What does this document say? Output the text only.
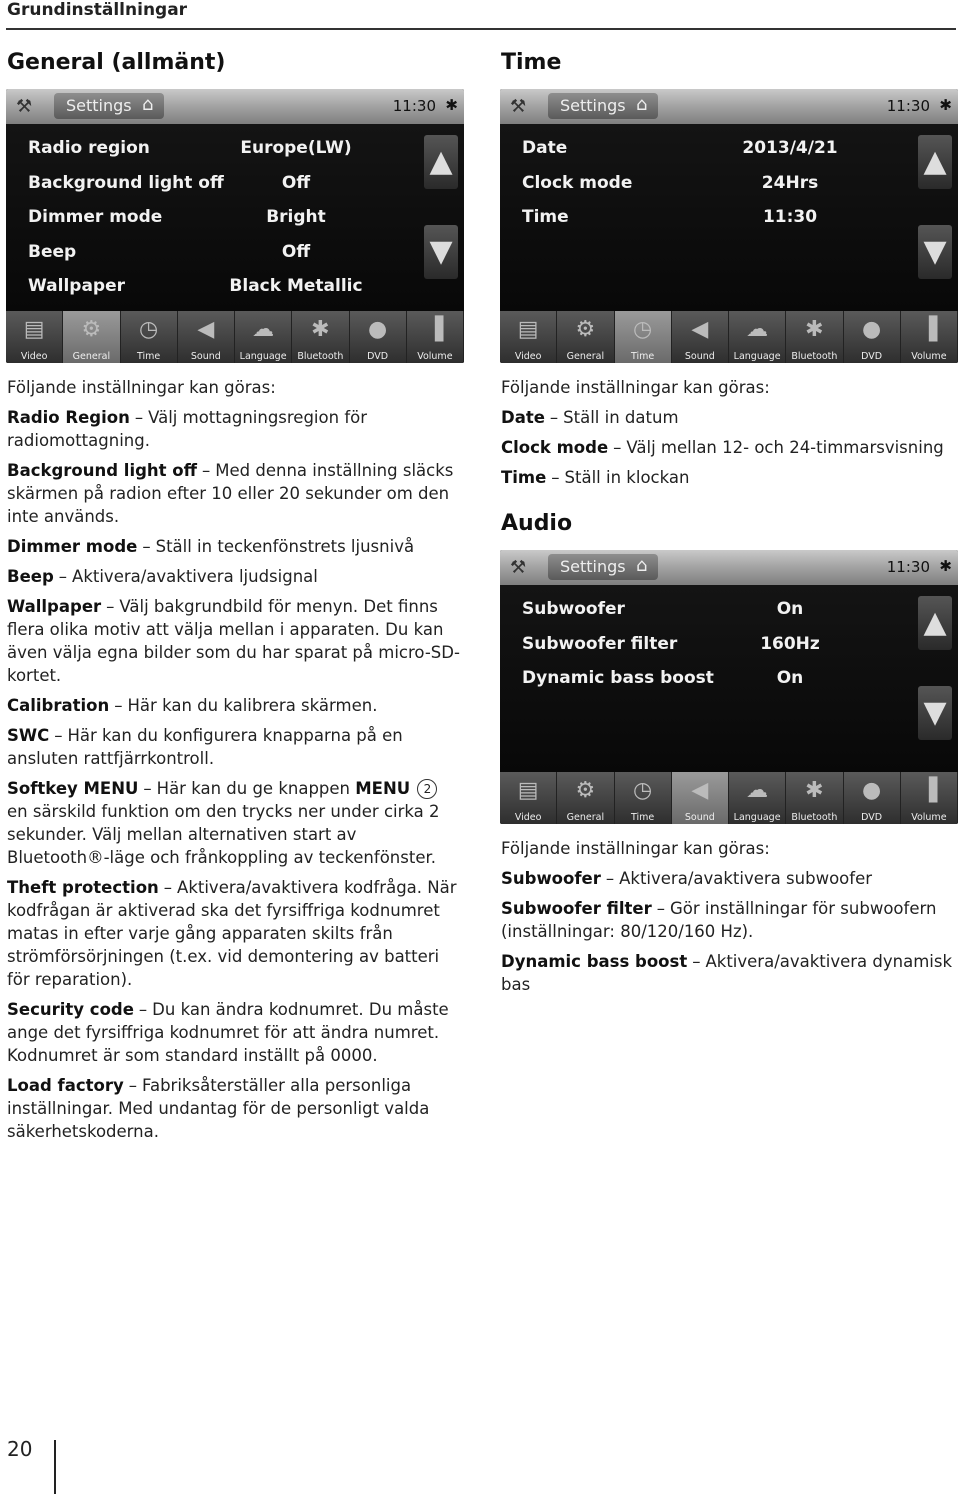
Grundinställningar
General (allmänt)	Time
Audio
⚒	Settings ⌂	11:30 ✱
Radio region	Europe(LW)
Background light off	Off
Dimmer mode	Bright
Beep	Off
Wallpaper	Black Metallic
▲
▼
▤
Video
⚙
General
◷
Time
◀
Sound
☁
Language
✱
Bluetooth
●
DVD
▐
Volume
⚒	Settings ⌂	11:30 ✱
Date	2013/4/21
Clock mode	24Hrs
Time	11:30
▲
▼
▤
Video
⚙
General
◷
Time
◀
Sound
☁
Language
✱
Bluetooth
●
DVD
▐
Volume
⚒	Settings ⌂	11:30 ✱
Subwoofer	On
Subwoofer filter	160Hz
Dynamic bass boost	On
▲
▼
▤
Video
⚙
General
◷
Time
◀
Sound
☁
Language
✱
Bluetooth
●
DVD
▐
Volume

Följande inställningar kan göras:

Radio Region – Välj mottagningsregion för radiomottagning.

Background light off – Med denna inställning släcks skärmen på radion efter 10 eller 20 sekunder om den inte används.

Dimmer mode – Ställ in teckenfönstrets ljusnivå

Beep – Aktivera/avaktivera ljudsignal

Wallpaper – Välj bakgrundbild för menyn. Det finns flera olika motiv att välja mellan i apparaten. Du kan även välja egna bilder som du har sparat på micro-SD-kortet.

Calibration – Här kan du kalibrera skärmen.

SWC – Här kan du konfigurera knapparna på en ansluten rattfjärrkontroll.

Softkey MENU – Här kan du ge knappen MENU 2 en särskild funktion om den trycks ner under cirka 2 sekunder. Välj mellan alternativen start av Bluetooth®-läge och frånkoppling av teckenfönster.

Theft protection – Aktivera/avaktivera kodfråga. När kodfrågan är aktiverad ska det fyrsiffriga kodnumret matas in efter varje gång apparaten skilts från strömförsörjningen (t.ex. vid demontering av batteri för reparation).

Security code – Du kan ändra kodnumret. Du måste ange det fyrsiffriga kodnumret för att ändra numret. Kodnumret är som standard inställt på 0000.

Load factory – Fabriksåterställer alla personliga inställningar. Med undantag för de personligt valda säkerhetskoderna.

Följande inställningar kan göras:

Date – Ställ in datum

Clock mode – Välj mellan 12- och 24-timmarsvisning

Time – Ställ in klockan

Följande inställningar kan göras:

Subwoofer – Aktivera/avaktivera subwoofer

Subwoofer filter – Gör inställningar för subwoofern (inställningar: 80/120/160 Hz).

Dynamic bass boost – Aktivera/avaktivera dynamisk bas

20
